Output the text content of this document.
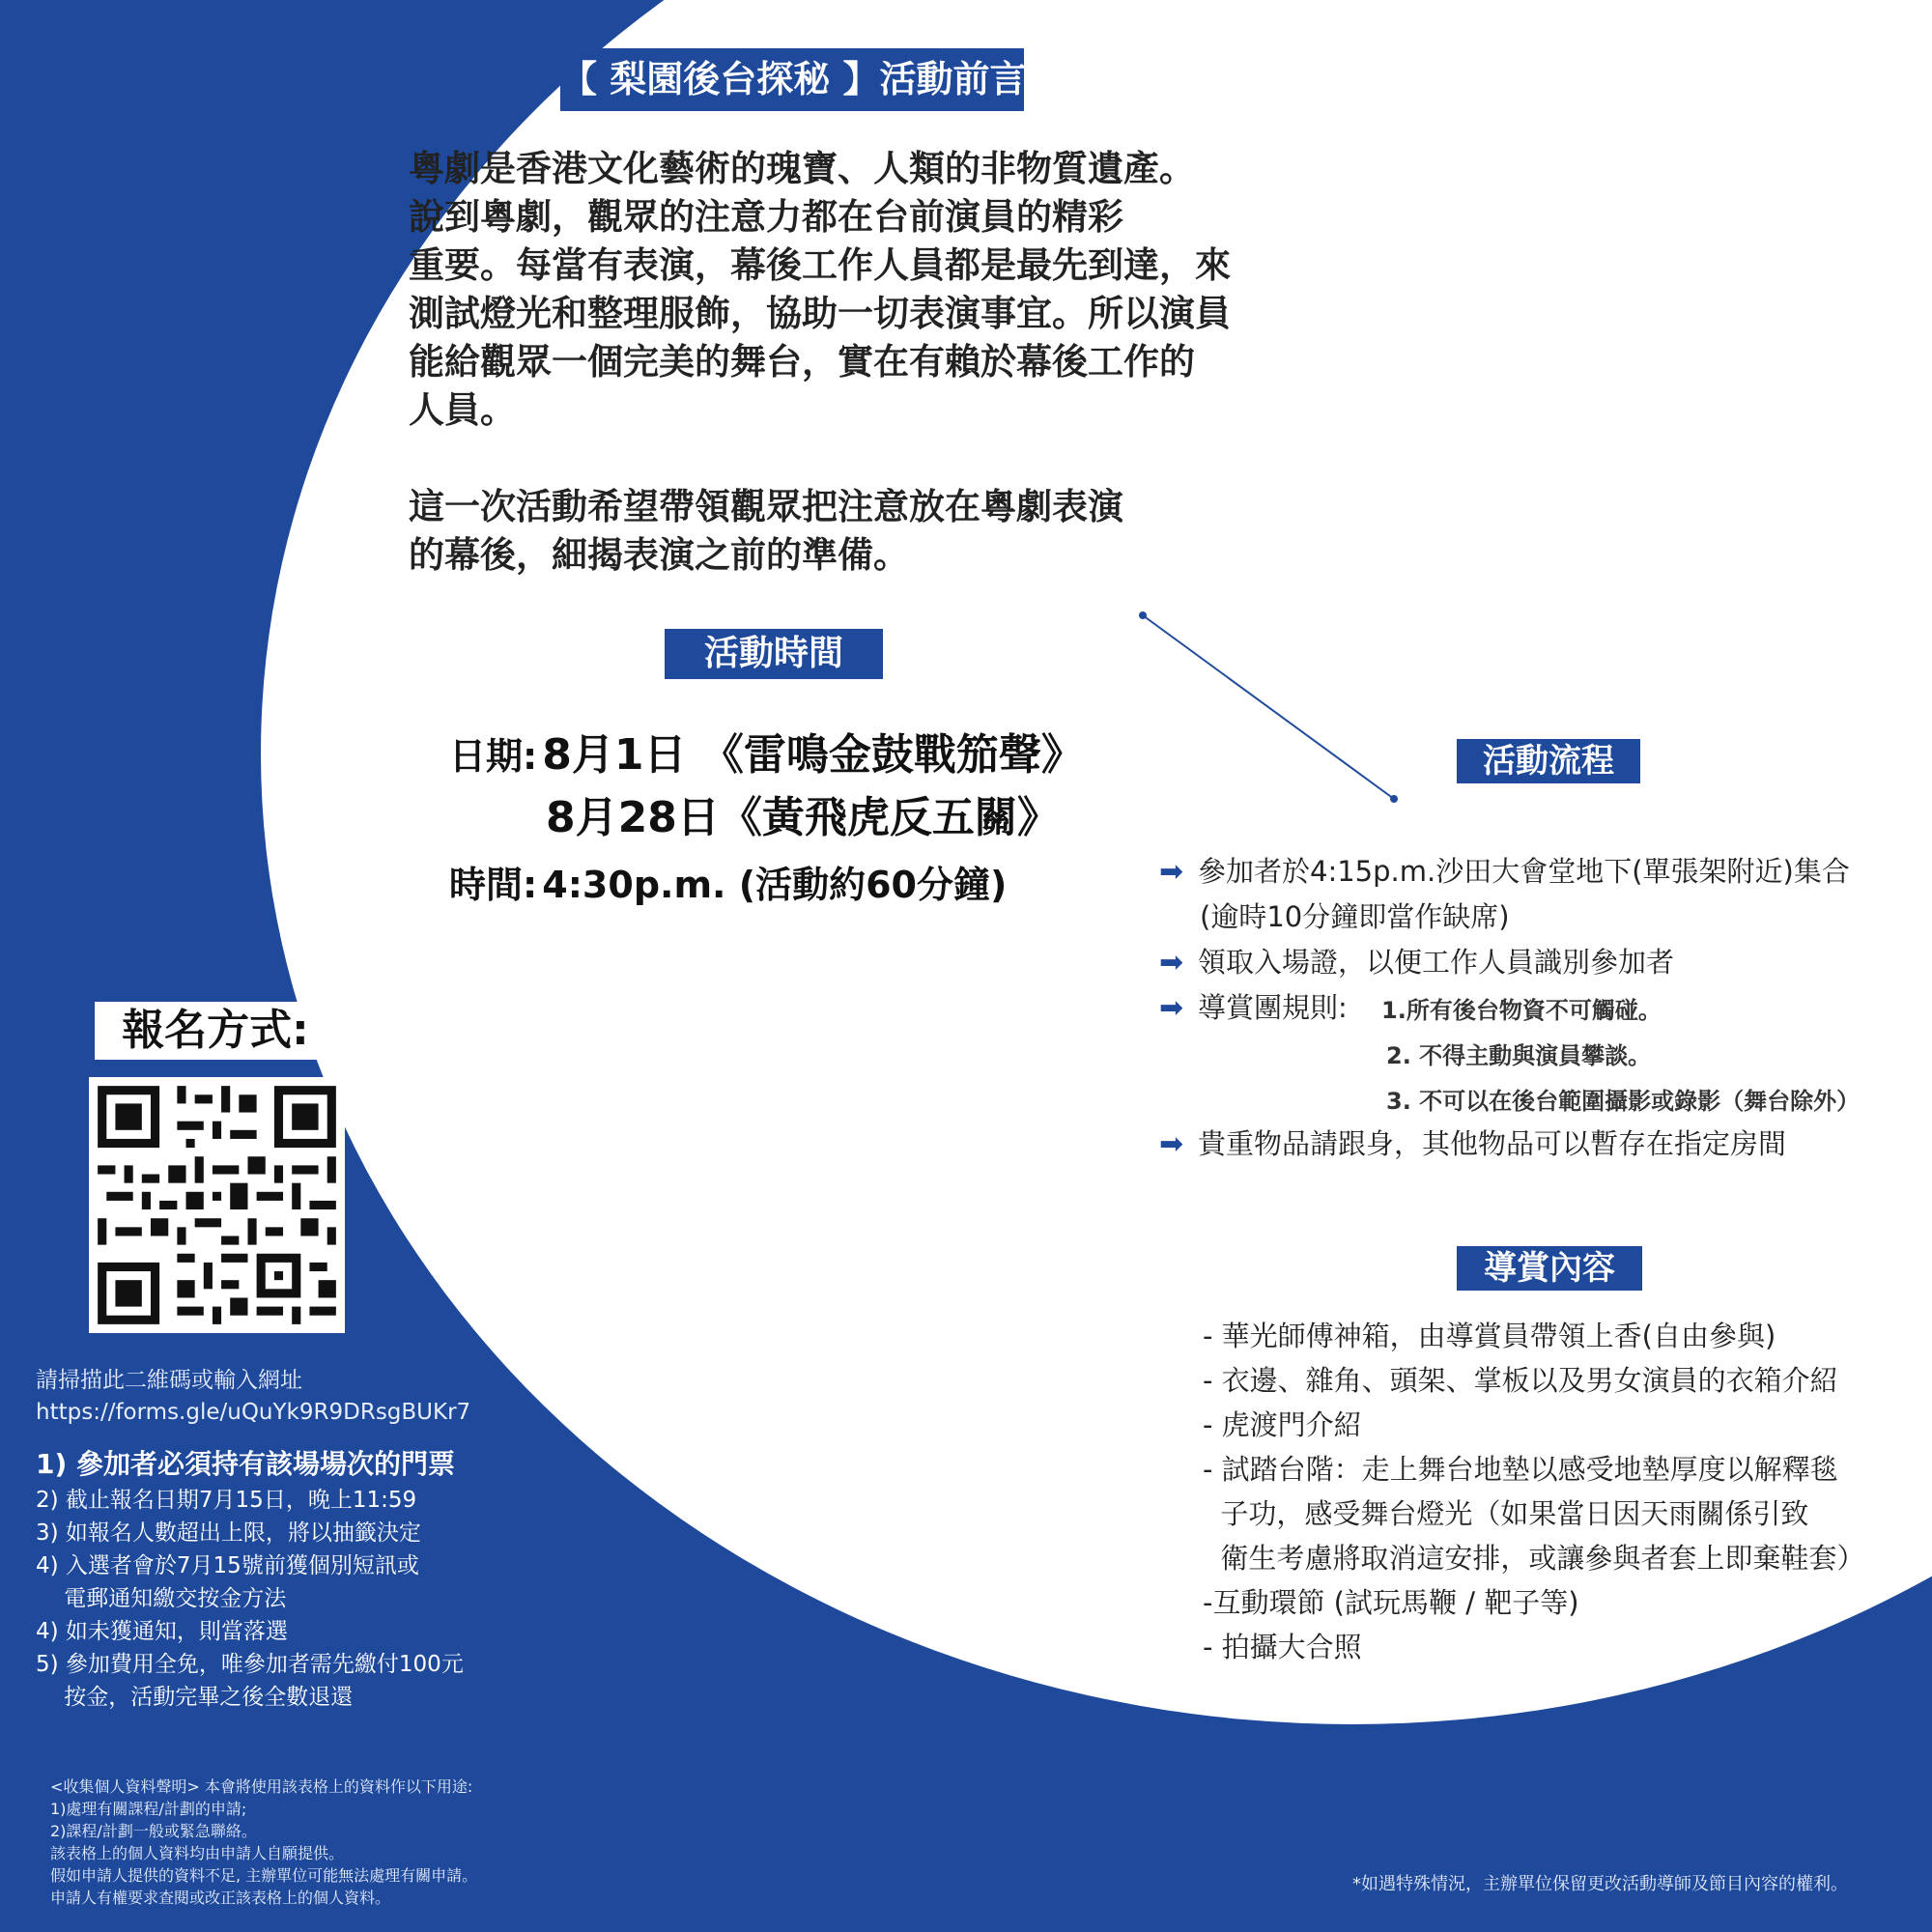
【 梨園後台探秘 】活動前言

粵劇是香港文化藝術的瑰寶、人類的非物質遺產。

說到粵劇，觀眾的注意力都在台前演員的精彩

重要。每當有表演，幕後工作人員都是最先到達，來

測試燈光和整理服飾，協助一切表演事宜。所以演員

能給觀眾一個完美的舞台，實在有賴於幕後工作的

人員。

這一次活動希望帶領觀眾把注意放在粵劇表演

的幕後，細揭表演之前的準備。

活動時間
日期: 8月1日 《雷鳴金鼓戰笳聲》
8月28日《黃飛虎反五關》
時間: 4:30p.m. (活動約60分鐘)
活動流程
➡ 參加者於4:15p.m.沙田大會堂地下(單張架附近)集合
(逾時10分鐘即當作缺席)
➡ 領取入場證，以便工作人員識別參加者
➡ 導賞團規則: 1.所有後台物資不可觸碰。
2. 不得主動與演員攀談。
3. 不可以在後台範圍攝影或錄影（舞台除外）
➡ 貴重物品請跟身，其他物品可以暫存在指定房間
導賞內容
- 華光師傅神箱，由導賞員帶領上香(自由參與)
- 衣邊、雜角、頭架、掌板以及男女演員的衣箱介紹
- 虎渡門介紹
- 試踏台階：走上舞台地墊以感受地墊厚度以解釋毯
子功，感受舞台燈光（如果當日因天雨關係引致
衛生考慮將取消這安排，或讓參與者套上即棄鞋套）
-互動環節 (試玩馬鞭 / 靶子等)
- 拍攝大合照
報名方式:
請掃描此二維碼或輸入網址
https://forms.gle/uQuYk9R9DRsgBUKr7
1) 參加者必須持有該場場次的門票
2) 截止報名日期7月15日，晚上11:59
3) 如報名人數超出上限，將以抽籤決定
4) 入選者會於7月15號前獲個別短訊或
電郵通知繳交按金方法
4) 如未獲通知，則當落選
5) 參加費用全免，唯參加者需先繳付100元
按金，活動完畢之後全數退還
<收集個人資料聲明> 本會將使用該表格上的資料作以下用途:
1)處理有關課程/計劃的申請;
2)課程/計劃一般或緊急聯絡。
該表格上的個人資料均由申請人自願提供。
假如申請人提供的資料不足, 主辦單位可能無法處理有關申請。
申請人有權要求查閱或改正該表格上的個人資料。
*如遇特殊情況，主辦單位保留更改活動導師及節目內容的權利。
